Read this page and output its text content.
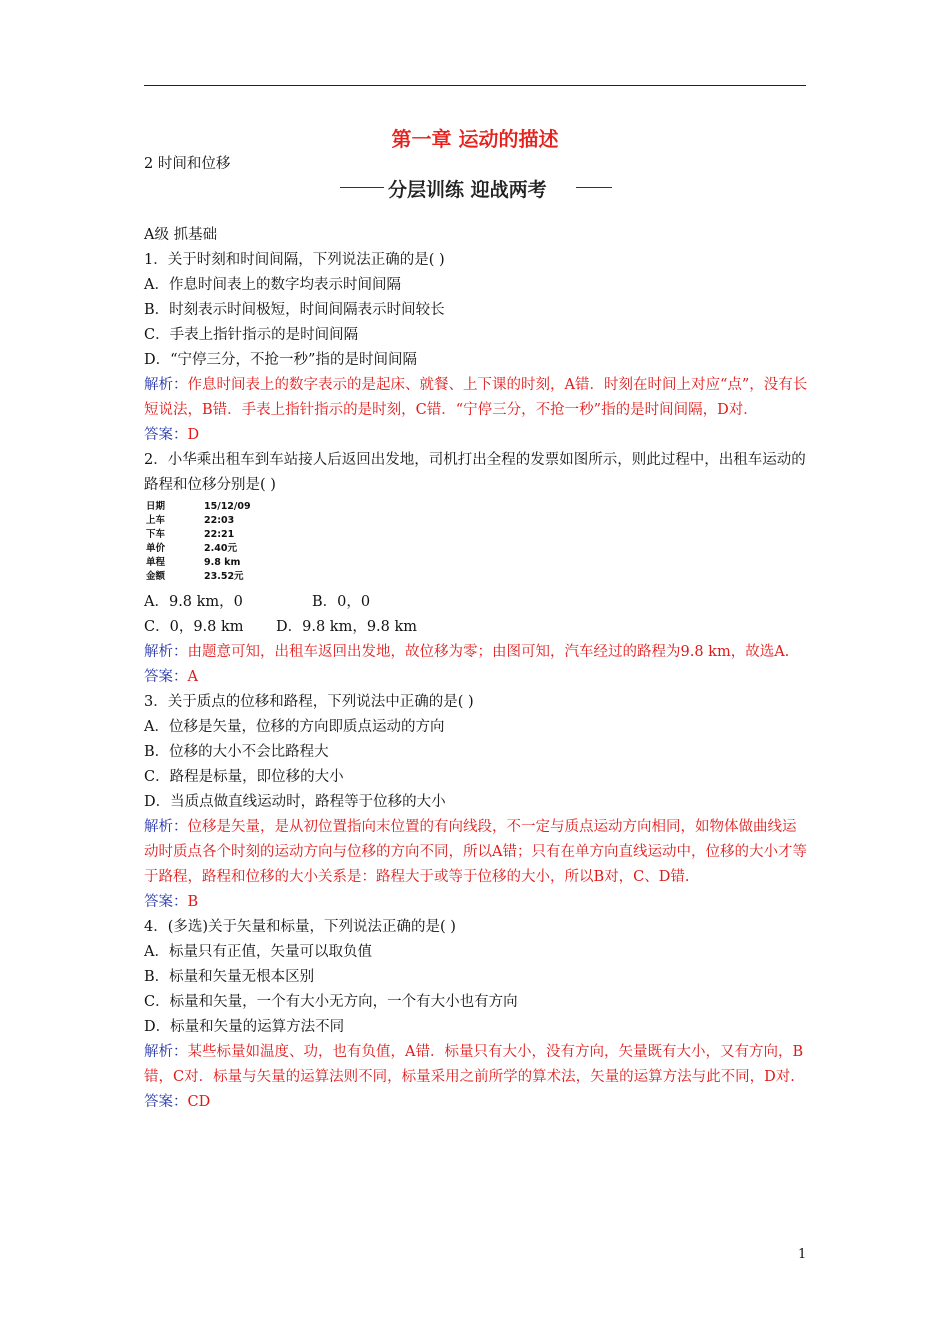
第一章 运动的描述
2 时间和位移
分层训练 迎战两考

A级 抓基础

1．关于时刻和时间间隔，下列说法正确的是( )

A．作息时间表上的数字均表示时间间隔

B．时刻表示时间极短，时间间隔表示时间较长

C．手表上指针指示的是时间间隔

D．“宁停三分，不抢一秒”指的是时间间隔

解析：作息时间表上的数字表示的是起床、就餐、上下课的时刻，A错．时刻在时间上对应“点”，没有长短说法，B错．手表上指针指示的是时刻，C错．“宁停三分，不抢一秒”指的是时间间隔，D对．

答案：D

2．小华乘出租车到车站接人后返回出发地，司机打出全程的发票如图所示，则此过程中，出租车运动的路程和位移分别是( )

日期	15/12/09
上车	22:03
下车	22:21
单价	2.40元
单程	9.8 km
金额	23.52元

A．9.8 km，0	B．0，0

C．0，9.8 km	D．9.8 km，9.8 km

解析：由题意可知，出租车返回出发地，故位移为零；由图可知，汽车经过的路程为9.8 km，故选A.

答案：A

3．关于质点的位移和路程，下列说法中正确的是( )

A．位移是矢量，位移的方向即质点运动的方向

B．位移的大小不会比路程大

C．路程是标量，即位移的大小

D．当质点做直线运动时，路程等于位移的大小

解析：位移是矢量，是从初位置指向末位置的有向线段，不一定与质点运动方向相同，如物体做曲线运动时质点各个时刻的运动方向与位移的方向不同，所以A错；只有在单方向直线运动中，位移的大小才等于路程，路程和位移的大小关系是：路程大于或等于位移的大小，所以B对，C、D错.

答案：B

4．(多选)关于矢量和标量，下列说法正确的是( )

A．标量只有正值，矢量可以取负值

B．标量和矢量无根本区别

C．标量和矢量，一个有大小无方向，一个有大小也有方向

D．标量和矢量的运算方法不同

解析：某些标量如温度、功，也有负值，A错．标量只有大小，没有方向，矢量既有大小，又有方向，B错，C对．标量与矢量的运算法则不同，标量采用之前所学的算术法，矢量的运算方法与此不同，D对.

答案：CD

1
